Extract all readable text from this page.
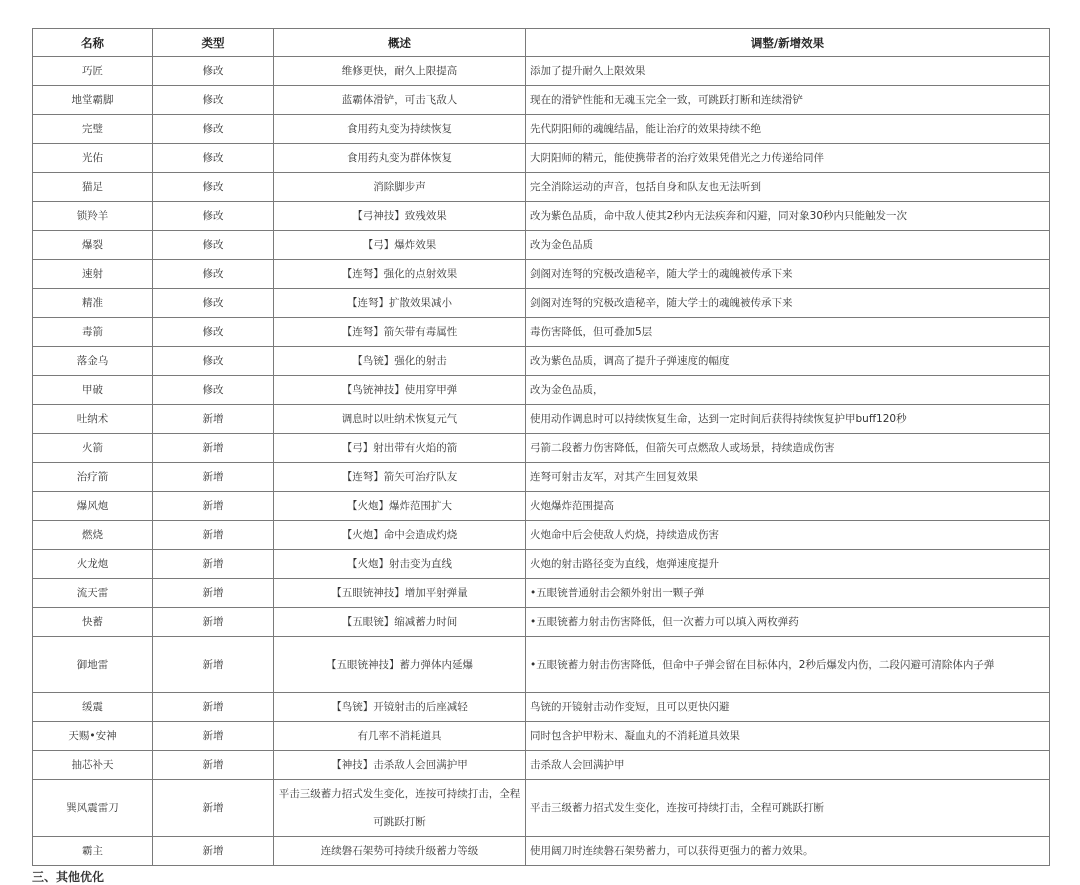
名称	类型	概述	调整/新增效果
巧匠	修改	维修更快，耐久上限提高	添加了提升耐久上限效果
地堂霸脚	修改	蓝霸体滑铲，可击飞敌人	现在的滑铲性能和无魂玉完全一致，可跳跃打断和连续滑铲
完璧	修改	食用药丸变为持续恢复	先代阴阳师的魂魄结晶，能让治疗的效果持续不绝
光佑	修改	食用药丸变为群体恢复	大阴阳师的精元，能使携带者的治疗效果凭借光之力传递给同伴
猫足	修改	消除脚步声	完全消除运动的声音，包括自身和队友也无法听到
锁羚羊	修改	【弓神技】致残效果	改为紫色品质，命中敌人使其2秒内无法疾奔和闪避，同对象30秒内只能触发一次
爆裂	修改	【弓】爆炸效果	改为金色品质
速射	修改	【连弩】强化的点射效果	剑阁对连弩的究极改造秘辛，随大学士的魂魄被传承下来
精准	修改	【连弩】扩散效果减小	剑阁对连弩的究极改造秘辛，随大学士的魂魄被传承下来
毒箭	修改	【连弩】箭矢带有毒属性	毒伤害降低，但可叠加5层
落金乌	修改	【鸟铳】强化的射击	改为紫色品质，调高了提升子弹速度的幅度
甲破	修改	【鸟铳神技】使用穿甲弹	改为金色品质，
吐纳术	新增	调息时以吐纳术恢复元气	使用动作调息时可以持续恢复生命，达到一定时间后获得持续恢复护甲buff120秒
火箭	新增	【弓】射出带有火焰的箭	弓箭二段蓄力伤害降低，但箭矢可点燃敌人或场景，持续造成伤害
治疗箭	新增	【连弩】箭矢可治疗队友	连弩可射击友军，对其产生回复效果
爆风炮	新增	【火炮】爆炸范围扩大	火炮爆炸范围提高
燃烧	新增	【火炮】命中会造成灼烧	火炮命中后会使敌人灼烧，持续造成伤害
火龙炮	新增	【火炮】射击变为直线	火炮的射击路径变为直线，炮弹速度提升
流天雷	新增	【五眼铳神技】增加平射弹量	•五眼铳普通射击会额外射出一颗子弹
快蓄	新增	【五眼铳】缩减蓄力时间	•五眼铳蓄力射击伤害降低，但一次蓄力可以填入两枚弹药
御地雷	新增	【五眼铳神技】蓄力弹体内延爆	•五眼铳蓄力射击伤害降低，但命中子弹会留在目标体内，2秒后爆发内伤，二段闪避可清除体内子弹
缓震	新增	【鸟铳】开镜射击的后座减轻	鸟铳的开镜射击动作变短，且可以更快闪避
天赐•安神	新增	有几率不消耗道具	同时包含护甲粉末、凝血丸的不消耗道具效果
抽芯补天	新增	【神技】击杀敌人会回满护甲	击杀敌人会回满护甲
巽风震雷刀	新增	平击三级蓄力招式发生变化，连按可持续打击，全程可跳跃打断	平击三级蓄力招式发生变化，连按可持续打击，全程可跳跃打断
霸主	新增	连续磐石架势可持续升级蓄力等级	使用阔刀时连续磐石架势蓄力，可以获得更强力的蓄力效果。
三、其他优化
